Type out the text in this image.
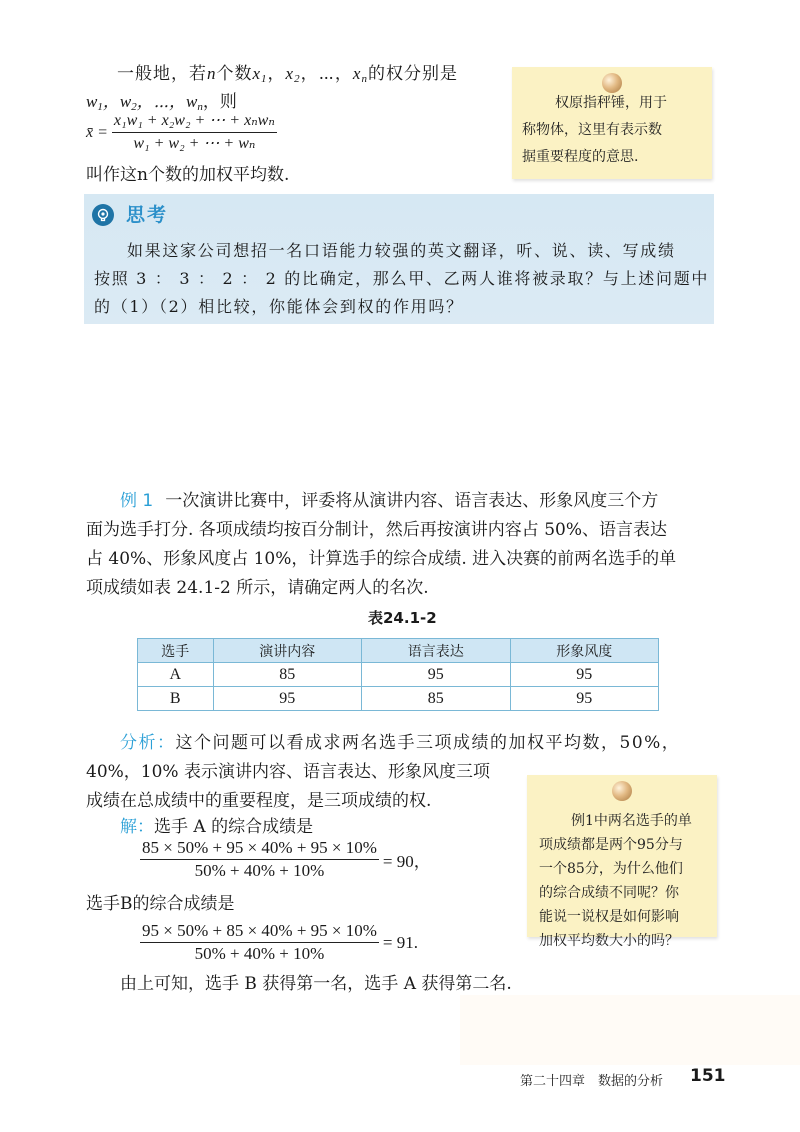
一般地，若n个数$x_1$，$x_2$，⋯，$x_n$的权分别是
$w_1$，$w_2$，⋯，$w_n$，则
x̄ = $\frac{\text{x₁w₁ + x₂w₂ + ⋯ + xₙwₙ}}{\text{w₁ + w₂ + ⋯ + wₙ}}$
叫作这n个数的加权平均数.

权原指秤锤，用于

称物体，这里有表示数

据重要程度的意思.

思考

如果这家公司想招一名口语能力较强的英文翻译，听、说、读、写成绩

按照 3 ： 3 ： 2 ： 2 的比确定，那么甲、乙两人谁将被录取？与上述问题中

的（1）（2）相比较，你能体会到权的作用吗？

例 1 一次演讲比赛中，评委将从演讲内容、语言表达、形象风度三个方
面为选手打分. 各项成绩均按百分制计，然后再按演讲内容占 50%、语言表达
占 40%、形象风度占 10%，计算选手的综合成绩. 进入决赛的前两名选手的单
项成绩如表 24.1-2 所示，请确定两人的名次.
表24.1-2
选手	演讲内容	语言表达	形象风度
A	85	95	95
B	95	85	95
分析：这个问题可以看成求两名选手三项成绩的加权平均数，50%，
40%，10% 表示演讲内容、语言表达、形象风度三项
成绩在总成绩中的重要程度，是三项成绩的权.
解：选手 A 的综合成绩是
$\frac{85 \times 50\% + 95 \times 40\% + 95 \times 10\%}{50\% + 40\% + 10\%} = 90$，
选手B的综合成绩是
$\frac{95 \times 50\% + 85 \times 40\% + 95 \times 10\%}{50\% + 40\% + 10\%} = 91$.
由上可知，选手 B 获得第一名，选手 A 获得第二名.

例1中两名选手的单

项成绩都是两个95分与

一个85分，为什么他们

的综合成绩不同呢？你

能说一说权是如何影响

加权平均数大小的吗？

第二十四章　数据的分析 151
